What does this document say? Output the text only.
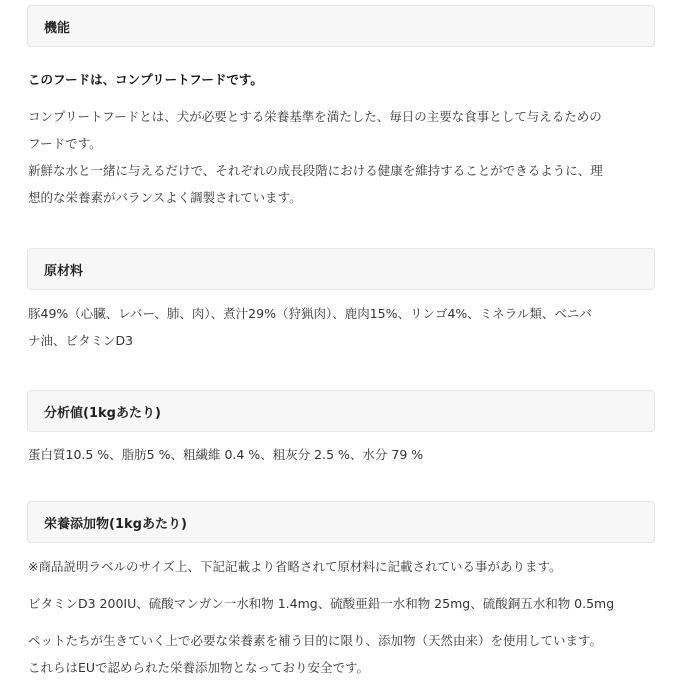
機能
このフードは、コンプリートフードです。
コンプリートフードとは、犬が必要とする栄養基準を満たした、毎日の主要な食事として与えるための
フードです。
新鮮な水と一緒に与えるだけで、それぞれの成長段階における健康を維持することができるように、理
想的な栄養素がバランスよく調製されています。
原材料
豚49%（心臓、レバー、肺、肉）、煮汁29%（狩猟肉）、鹿肉15%、リンゴ4%、ミネラル類、ベニバ
ナ油、ビタミンD3
分析値(1kgあたり)
蛋白質10.5 %、脂肪5 %、粗繊維 0.4 %、粗灰分 2.5 %、水分 79 %
栄養添加物(1kgあたり)
※商品説明ラベルのサイズ上、下記記載より省略されて原材料に記載されている事があります。
ビタミンD3 200IU、硫酸マンガン一水和物 1.4mg、硫酸亜鉛一水和物 25mg、硫酸銅五水和物 0.5mg
ペットたちが生きていく上で必要な栄養素を補う目的に限り、添加物（天然由来）を使用しています。
これらはEUで認められた栄養添加物となっており安全です。
